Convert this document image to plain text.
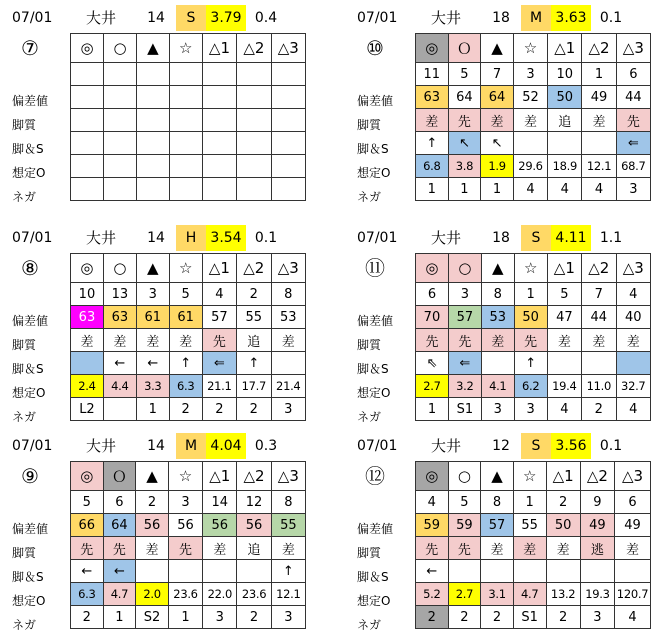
07/01	大井	14	S	3.79 0.4
⑦
偏差値
脚質
脚＆S
想定O
ネガ
◎	○	▲	☆	△1	△2	△3

07/01	大井	18	M 3.63 0.1
⑩
偏差値
脚質
脚＆S
想定O
ネガ
◎	Ｏ	▲	☆	△1	△2	△3
11	5	7	3	10	1	6
63	64	64	52	50	49	44
差	先	差	差	追	差	先
↑	↖	↖				⇐
6.8	3.8	1.9	29.6	18.9	12.1	68.7
1	1	1	4	4	4	3
07/01	大井	14	H	3.54 0.1
⑧
偏差値
脚質
脚＆S
想定O
ネガ
◎	○	▲	☆	△1	△2	△3
10	13	3	5	4	2	8
63	63	61	61	57	55	53
差	差	差	差	先	追	差
	←	←	↑	⇐	↑	
2.4	4.4	3.3	6.3	21.1	17.7	21.4
L2		1	2	2	2	3
07/01	大井	18	S	4.11 1.1
⑪
偏差値
脚質
脚＆S
想定O
ネガ
◎	○	▲	☆	△1	△2	△3
6	3	8	1	5	7	4
70	57	53	50	47	44	40
先	先	差	先	差	差	差
⇖	⇐		↑			
2.7	3.2	4.1	6.2	19.4	11.0	32.7
1	S1	3	3	4	2	4
07/01	大井	14	M 4.04 0.3
⑨
偏差値
脚質
脚＆S
想定O
ネガ
◎	Ｏ	▲	☆	△1	△2	△3
5	6	2	3	14	12	8
66	64	56	56	56	56	55
先	先	差	先	差	追	差
←	←					↑
6.3	4.7	2.0	23.6	22.0	23.6	12.1
2	1	S2	1	3	2	3
07/01	大井	12	S	3.56 0.1
⑫
偏差値
脚質
脚＆S
想定O
ネガ
◎	○	▲	☆	△1	△2	△3
4	5	8	1	2	9	6
59	59	57	55	50	49	49
先	先	差	差	差	逃	差
←						
5.2	2.7	3.1	4.7	13.2	19.3	120.7
2	2	2	S1	2	3	4
